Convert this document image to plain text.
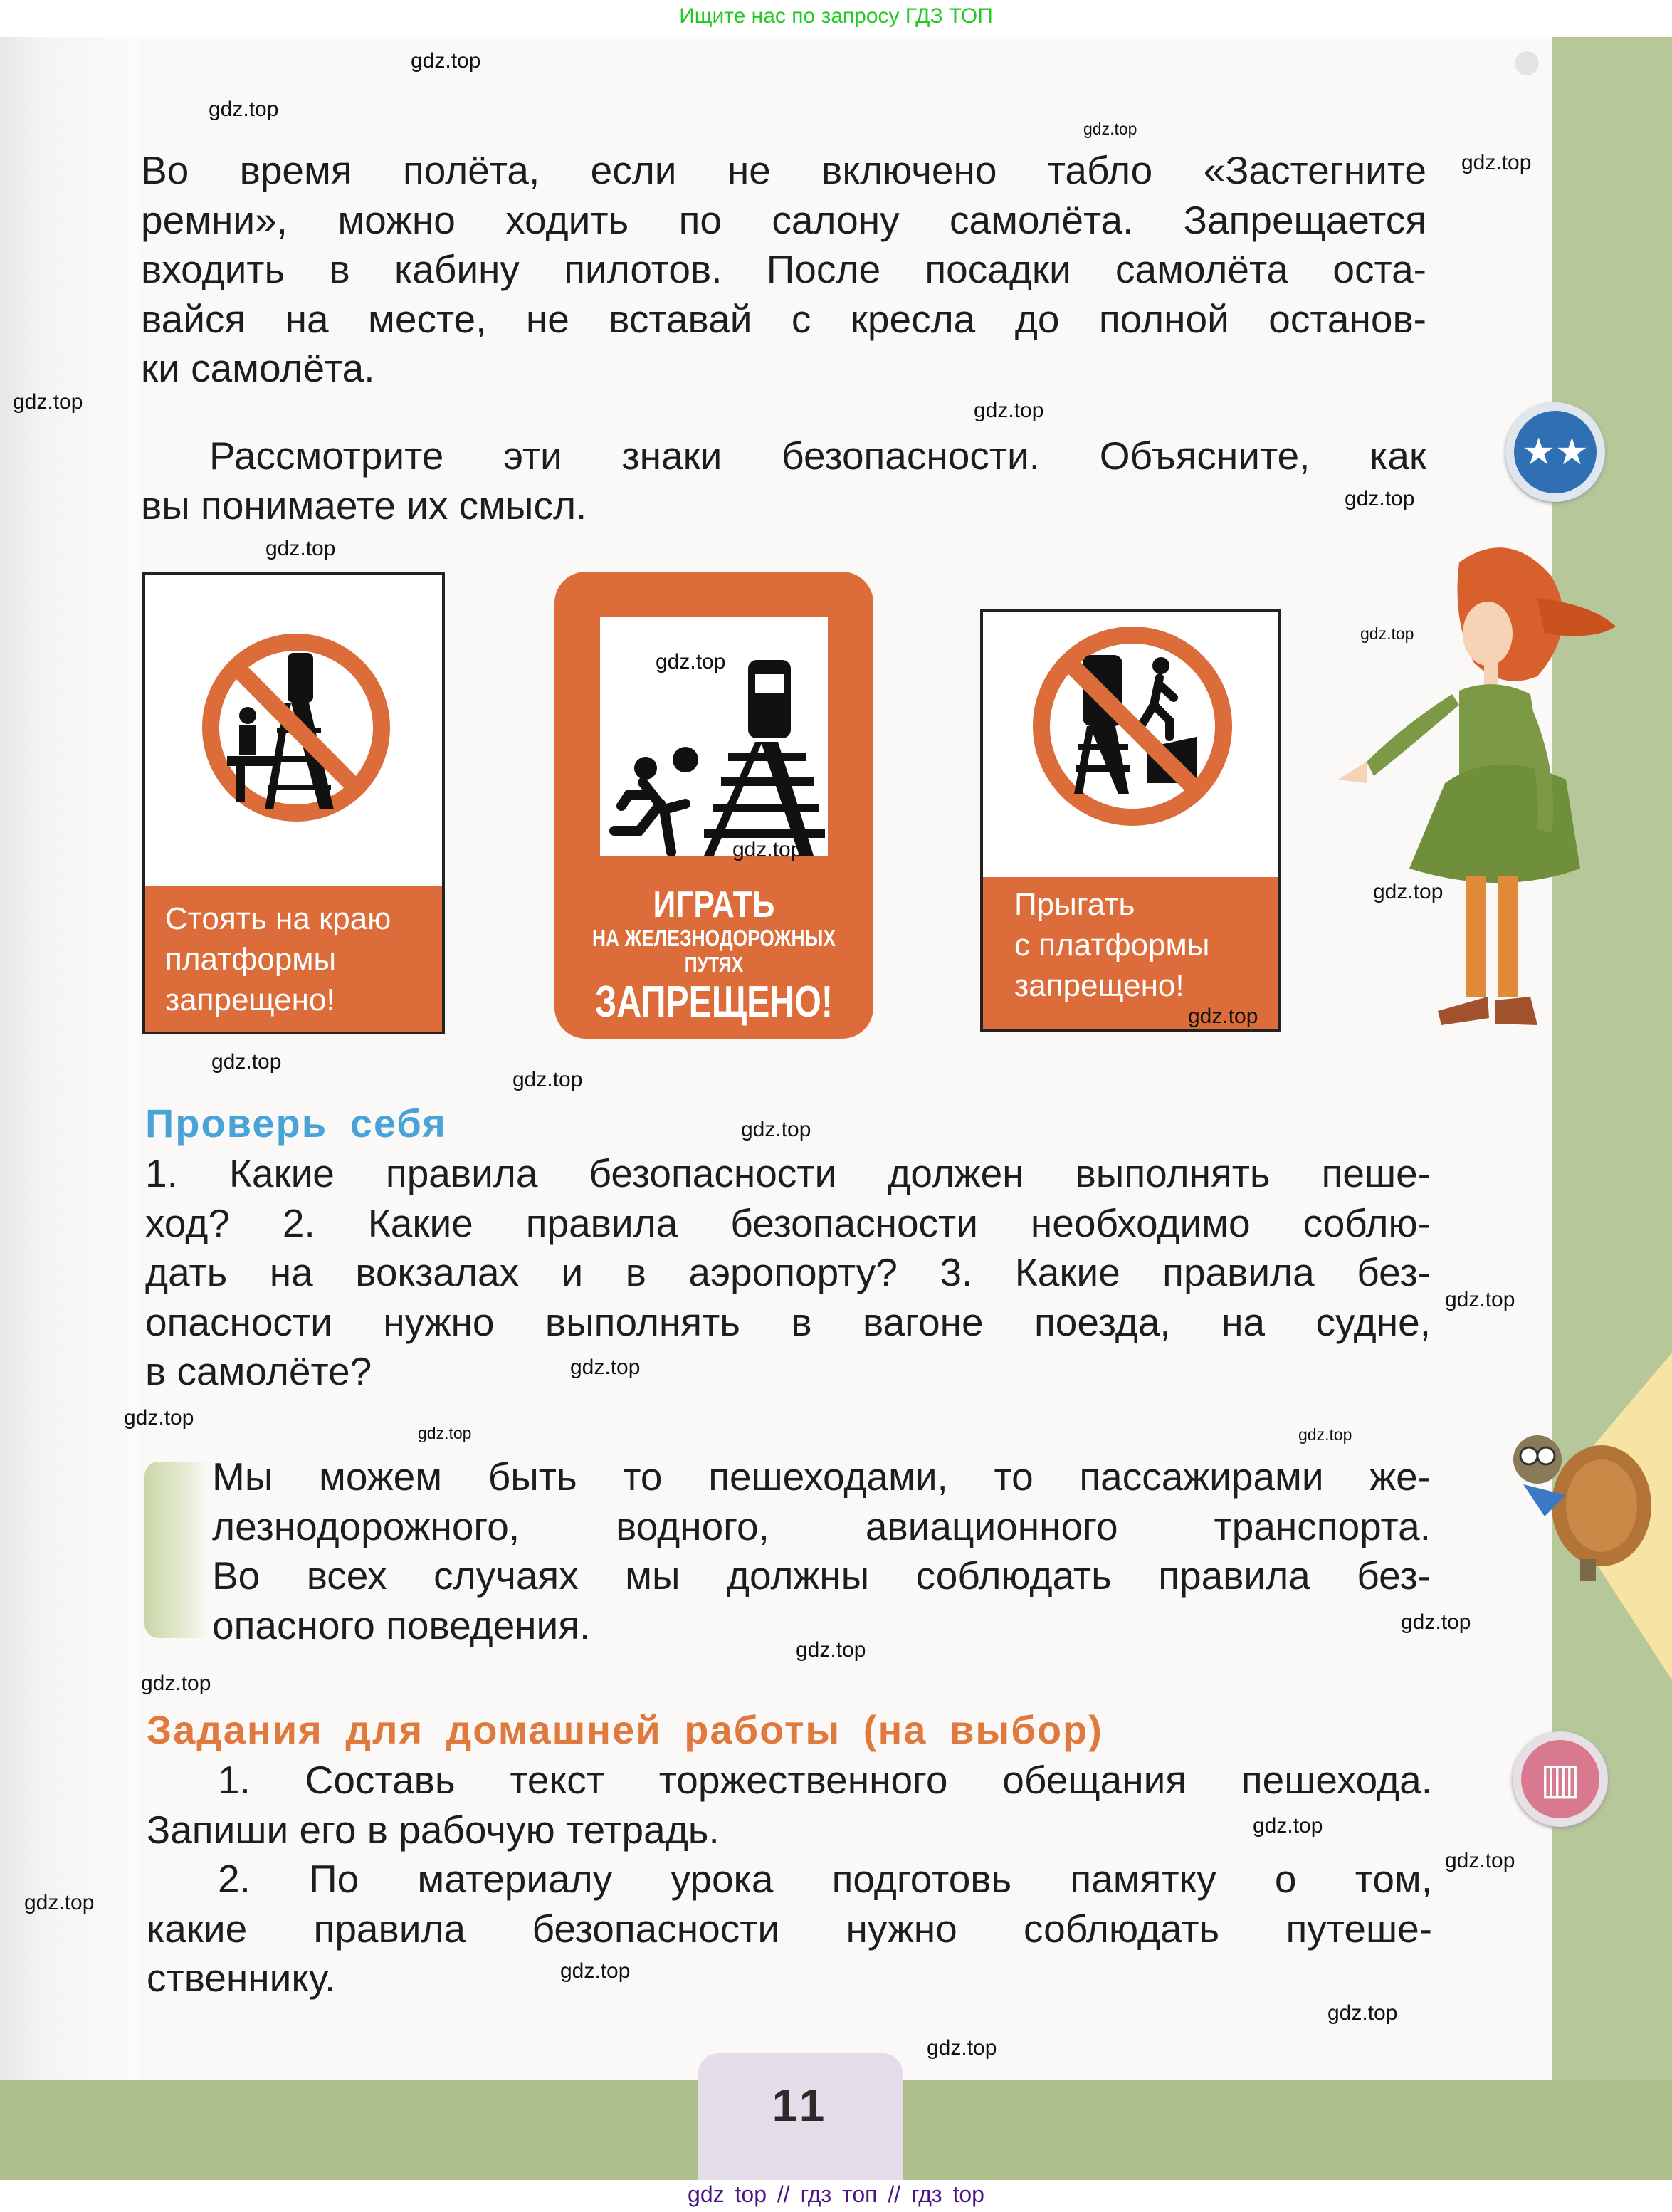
Ищите нас по запросу ГДЗ ТОП
Во время полёта, если не включено табло «Застегните
ремни», можно ходить по салону самолёта. Запрещается
входить в кабину пилотов. После посадки самолёта оста-
вайся на месте, не вставай с кресла до полной останов-
ки самолёта.
Рассмотрите эти знаки безопасности. Объясните, как
вы понимаете их смысл.
Стоять на краю
платформы
запрещено!
ИГРАТЬ
НА ЖЕЛЕЗНОДОРОЖНЫХ
ПУТЯХ
ЗАПРЕЩЕНО!
Прыгать
с платформы
запрещено!
★★
Проверь себя
1. Какие правила безопасности должен выполнять пеше-
ход? 2. Какие правила безопасности необходимо соблю-
дать на вокзалах и в аэропорту? 3. Какие правила без-
опасности нужно выполнять в вагоне поезда, на судне,
в самолёте?
Мы можем быть то пешеходами, то пассажирами же-
лезнодорожного, водного, авиационного транспорта.
Во всех случаях мы должны соблюдать правила без-
опасного поведения.
Задания для домашней работы (на выбор)
1. Составь текст торжественного обещания пешехода.
Запиши его в рабочую тетрадь.
2. По материалу урока подготовь памятку о том,
какие правила безопасности нужно соблюдать путеше-
ственнику.
▥
11
gdz top // гдз топ // гдз top
gdz.top
gdz.top
gdz.top
gdz.top
gdz.top	gdz.top
gdz.top
gdz.top
gdz.top
gdz.top
gdz.top
gdz.top
gdz.top
gdz.top
gdz.top
gdz.top
gdz.top
gdz.top
gdz.top
gdz.top
gdz.top
gdz.top
gdz.top
gdz.top
gdz.top
gdz.top
gdz.top
gdz.top
gdz.top
gdz.top
